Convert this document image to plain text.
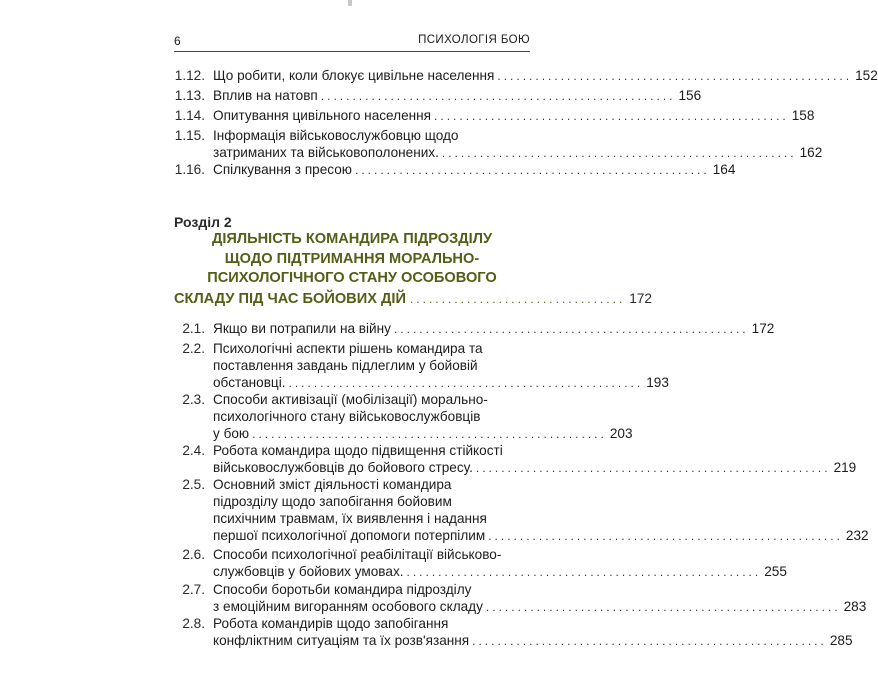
6	ПСИХОЛОГІЯ БОЮ
1.12. Що робити, коли блокує цивільне населення ........................................................ 152
1.13. Вплив на натовп ........................................................ 156
1.14. Опитування цивільного населення ........................................................ 158
1.15. Інформація військовослужбовцю щодо
затриманих та військовополонених. ........................................................ 162
1.16. Спілкування з пресою ........................................................ 164
Розділ 2
ДІЯЛЬНІСТЬ КОМАНДИРА ПІДРОЗДІЛУ
ЩОДО ПІДТРИМАННЯ МОРАЛЬНО-
ПСИХОЛОГІЧНОГО СТАНУ ОСОБОВОГО
СКЛАДУ ПІД ЧАС БОЙОВИХ ДІЙ .................................. 172
2.1. Якщо ви потрапили на війну ........................................................ 172
2.2. Психологічні аспекти рішень командира та
поставлення завдань підлеглим у бойовій
обстановці. ........................................................ 193
2.3. Способи активізації (мобілізації) морально-
психологічного стану військовослужбовців
у бою ........................................................ 203
2.4. Робота командира щодо підвищення стійкості
військовослужбовців до бойового стресу. ........................................................ 219
2.5. Основний зміст діяльності командира
підрозділу щодо запобігання бойовим
психічним травмам, їх виявлення і надання
першої психологічної допомоги потерпілим ........................................................ 232
2.6. Способи психологічної реабілітації військово-
службовців у бойових умовах. ........................................................ 255
2.7. Способи боротьби командира підрозділу
з емоційним вигоранням особового складу ........................................................ 283
2.8. Робота командирів щодо запобігання
конфліктним ситуаціям та їх розв'язання ........................................................ 285
